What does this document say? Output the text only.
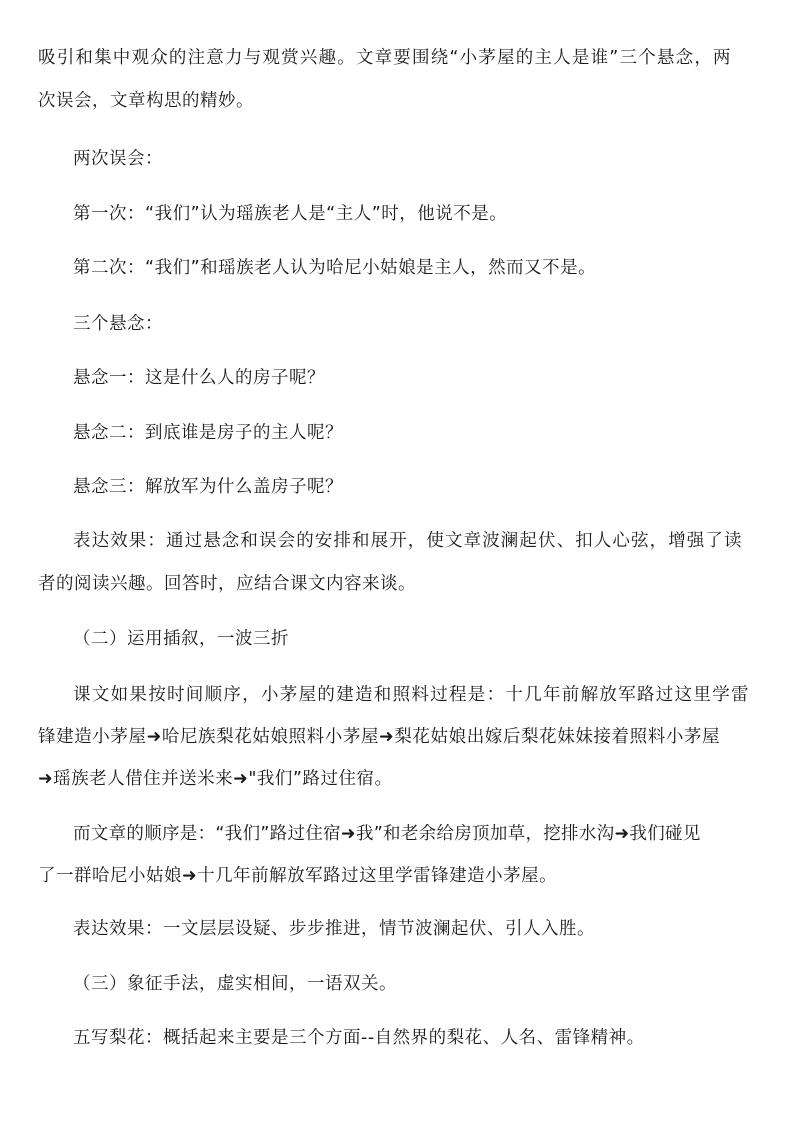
吸引和集中观众的注意力与观赏兴趣。文章要围绕“小茅屋的主人是谁”三个悬念，两
次误会，文章构思的精妙。
两次误会：
第一次：“我们”认为瑶族老人是“主人”时，他说不是。
第二次：“我们”和瑶族老人认为哈尼小姑娘是主人，然而又不是。
三个悬念：
悬念一：这是什么人的房子呢？
悬念二：到底谁是房子的主人呢？
悬念三：解放军为什么盖房子呢？
表达效果：通过悬念和误会的安排和展开，使文章波澜起伏、扣人心弦，增强了读
者的阅读兴趣。回答时，应结合课文内容来谈。
（二）运用插叙，一波三折
课文如果按时间顺序，小茅屋的建造和照料过程是：十几年前解放军路过这里学雷
锋建造小茅屋➜哈尼族梨花姑娘照料小茅屋➜梨花姑娘出嫁后梨花妹妹接着照料小茅屋
➜瑶族老人借住并送米来➜"我们”路过住宿。
而文章的顺序是：“我们”路过住宿➜我”和老余给房顶加草，挖排水沟➜我们碰见
了一群哈尼小姑娘➜十几年前解放军路过这里学雷锋建造小茅屋。
表达效果：一文层层设疑、步步推进，情节波澜起伏、引人入胜。
（三）象征手法，虚实相间，一语双关。
五写梨花：概括起来主要是三个方面--自然界的梨花、人名、雷锋精神。
